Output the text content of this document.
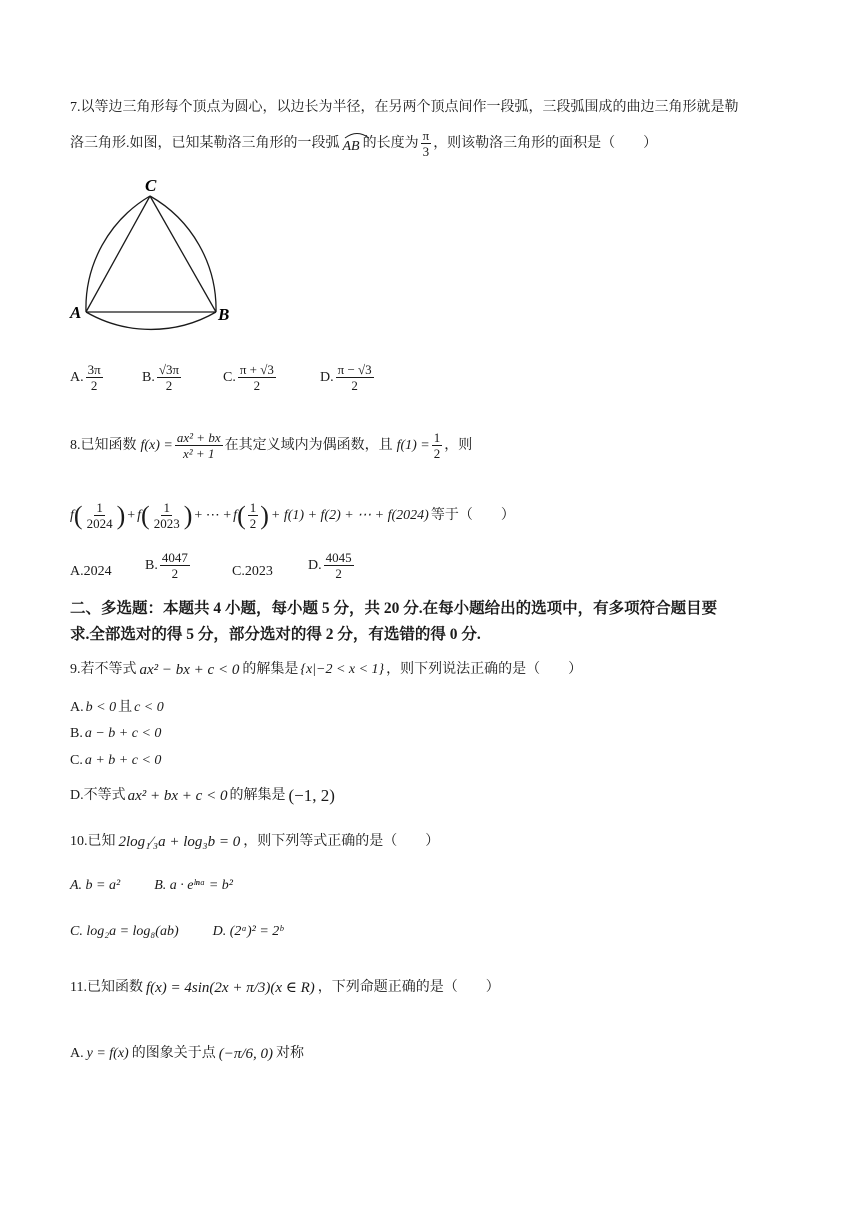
7.以等边三角形每个顶点为圆心，以边长为半径，在另两个顶点间作一段弧，三段弧围成的曲边三角形就是勒
洛三角形.如图，已知某勒洛三角形的一段弧 AB 的长度为 $\frac{\pi}{3}$ ，则该勒洛三角形的面积是（　　）
C
A	B
A. $\frac{3\pi}{2}$	B. $\frac{√3\pi}{2}$	C. $\frac{\pi + √3}{2}$	D. $\frac{\pi - √3}{2}$
8.已知函数 $f(x) = \frac{\text{ax² + bx}}{\text{x² + 1}}$ 在其定义域内为偶函数，且 $f(1) = \frac{1}{2}$ ，则
f ( $\frac{1}{2024}$ ) + f ( $\frac{1}{2023}$ ) + ⋯ + f ( $\frac{1}{2}$ ) + f(1) + f(2) + ⋯ + f(2024) 等于（　　）
A.2024 B. $\frac{4047}{2}$	C.2023	D. $\frac{4045}{2}$
二、多选题：本题共 4 小题，每小题 5 分，共 20 分.在每小题给出的选项中，有多项符合题目要
求.全部选对的得 5 分，部分选对的得 2 分，有选错的得 0 分.
9.若不等式 ax² − bx + c < 0 的解集是 {x|−2 < x < 1} ，则下列说法正确的是（　　）
A. b < 0 且 c < 0
B. a − b + c < 0
C. a + b + c < 0
D.不等式 ax² + bx + c < 0 的解集是 (−1, 2)
10.已知 2log₁⁄₃a + log₃b = 0 ，则下列等式正确的是（　　）
A. b = a² B. a · eˡⁿᵃ = b²
C. log₂a = log₈(ab) D. (2ᵃ)² = 2ᵇ
11.已知函数 f(x) = 4sin(2x + π/3)(x ∈ R) ，下列命题正确的是（　　）
A. y = f(x) 的图象关于点 (−π/6, 0) 对称
